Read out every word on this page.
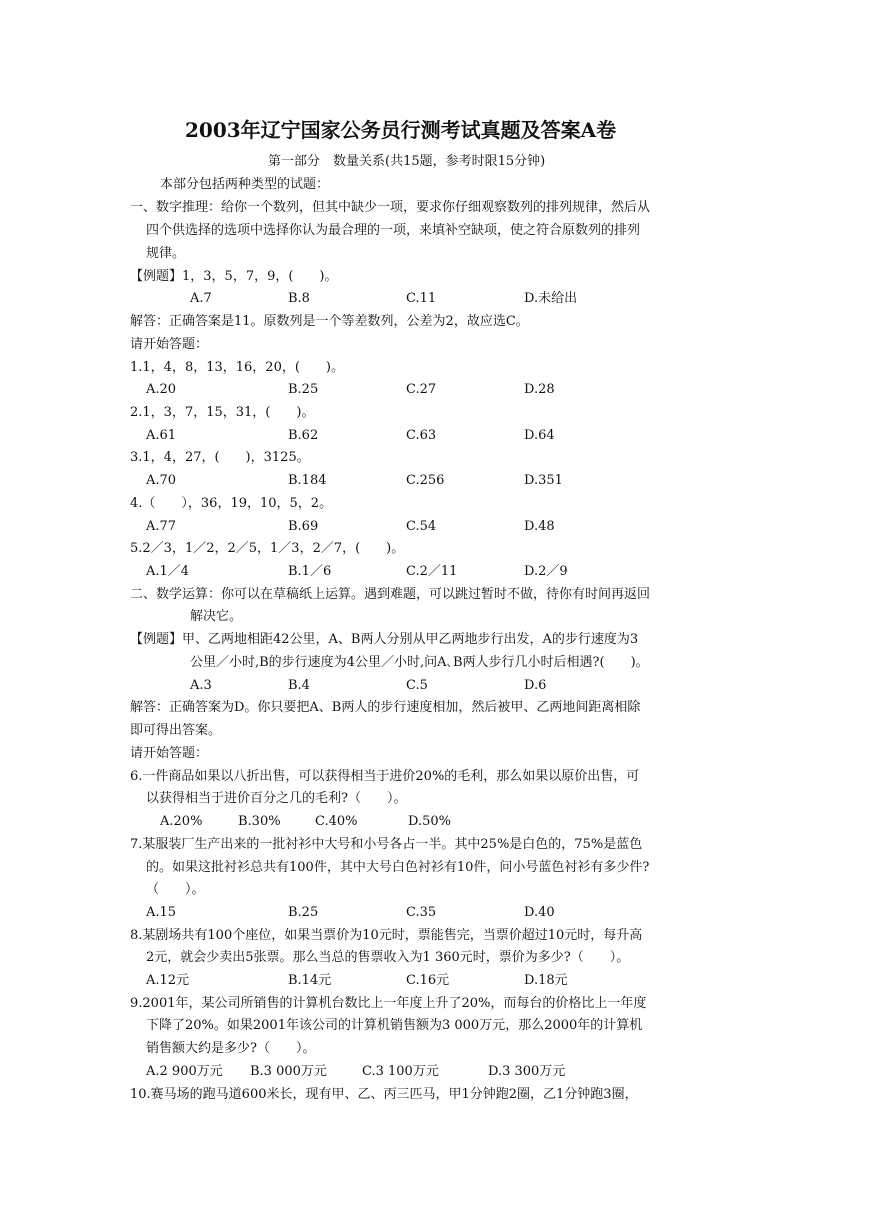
2003年辽宁国家公务员行测考试真题及答案A卷
第一部分　数量关系(共15题，参考时限15分钟)
本部分包括两种类型的试题：
一、数字推理：给你一个数列，但其中缺少一项，要求你仔细观察数列的排列规律，然后从
四个供选择的选项中选择你认为最合理的一项，来填补空缺项，使之符合原数列的排列
规律。
【例题】1，3，5，7，9，(　　)。
A.7	B.8	C.11	D.未给出
解答：正确答案是11。原数列是一个等差数列，公差为2，故应选C。
请开始答题：
1.1，4，8，13，16，20，(　　)。
A.20	B.25	C.27	D.28
2.1，3，7，15，31，(　　)。
A.61	B.62	C.63	D.64
3.1，4，27，(　　)，3125。
A.70	B.184	C.256	D.351
4.（　　），36，19，10，5，2。
A.77	B.69	C.54	D.48
5.2／3，1／2，2／5，1／3，2／7，(　　)。
A.1／4	B.1／6	C.2／11	D.2／9
二、数学运算：你可以在草稿纸上运算。遇到难题，可以跳过暂时不做，待你有时间再返回
解决它。
【例题】甲、乙两地相距42公里，A、B两人分别从甲乙两地步行出发，A的步行速度为3
公里／小时,B的步行速度为4公里／小时,问A､B两人步行几小时后相遇?(　　)。
A.3	B.4	C.5	D.6
解答：正确答案为D。你只要把A、B两人的步行速度相加，然后被甲、乙两地间距离相除
即可得出答案。
请开始答题：
6.一件商品如果以八折出售，可以获得相当于进价20%的毛利，那么如果以原价出售，可
以获得相当于进价百分之几的毛利?（　　）。
A.20%	B.30%	C.40%	D.50%
7.某服装厂生产出来的一批衬衫中大号和小号各占一半。其中25%是白色的，75%是蓝色
的。如果这批衬衫总共有100件，其中大号白色衬衫有10件，问小号蓝色衬衫有多少件?
（　　）。
A.15	B.25	C.35	D.40
8.某剧场共有100个座位，如果当票价为10元时，票能售完，当票价超过10元时，每升高
2元，就会少卖出5张票。那么当总的售票收入为1 360元时，票价为多少?（　　）。
A.12元	B.14元	C.16元	D.18元
9.2001年，某公司所销售的计算机台数比上一年度上升了20%，而每台的价格比上一年度
下降了20%。如果2001年该公司的计算机销售额为3 000万元，那么2000年的计算机
销售额大约是多少?（　　）。
A.2 900万元 B.3 000万元	C.3 100万元	D.3 300万元
10.赛马场的跑马道600米长，现有甲、乙、丙三匹马，甲1分钟跑2圈，乙1分钟跑3圈，
